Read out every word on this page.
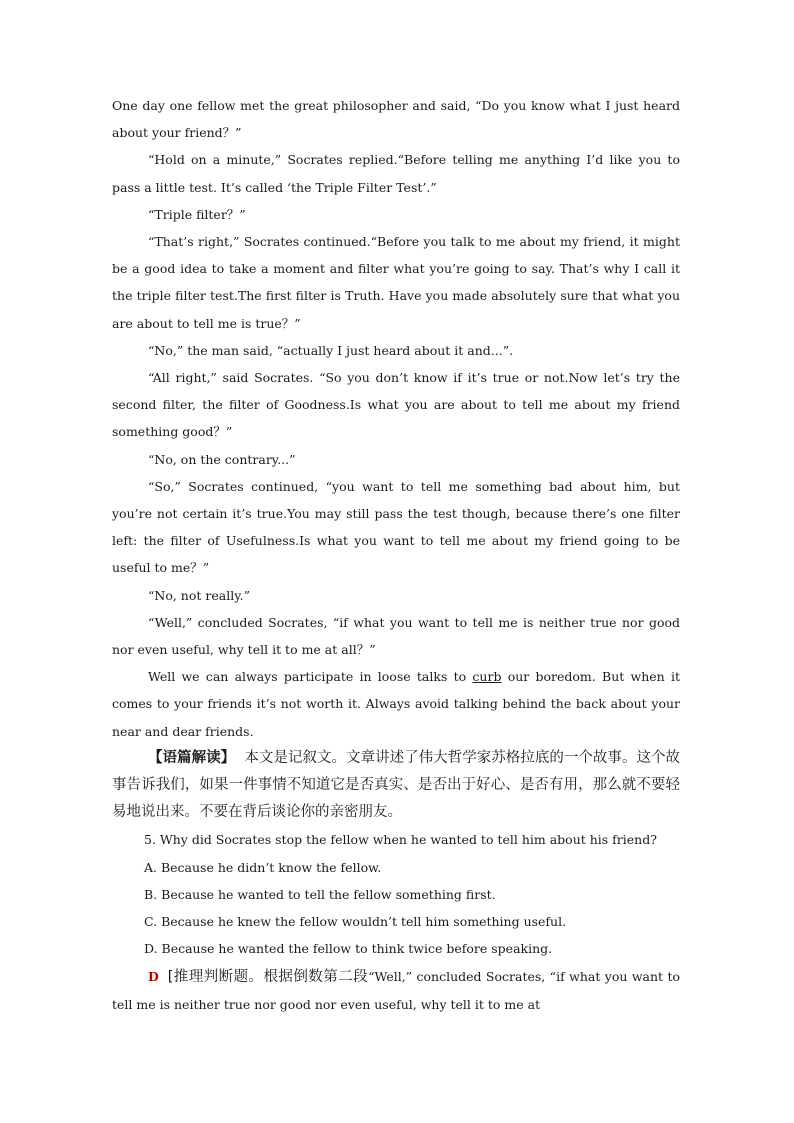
One day one fellow met the great philosopher and said, “Do you know what I just heard about your friend？”

“Hold on a minute,” Socrates replied.“Before telling me anything I’d like you to pass a little test. It’s called ‘the Triple Filter Test’.”

“Triple filter？”

“That’s right,” Socrates continued.“Before you talk to me about my friend, it might be a good idea to take a moment and filter what you’re going to say. That’s why I call it the triple filter test.The first filter is Truth. Have you made absolutely sure that what you are about to tell me is true？”

“No,” the man said, “actually I just heard about it and...”.

“All right,” said Socrates. “So you don’t know if it’s true or not.Now let’s try the second filter, the filter of Goodness.Is what you are about to tell me about my friend something good？”

“No, on the contrary...”

“So,” Socrates continued, “you want to tell me something bad about him, but you’re not certain it’s true.You may still pass the test though, because there’s one filter left: the filter of Usefulness.Is what you want to tell me about my friend going to be useful to me？”

“No, not really.”

“Well,” concluded Socrates, “if what you want to tell me is neither true nor good nor even useful, why tell it to me at all？”

Well we can always participate in loose talks to curb our boredom. But when it comes to your friends it’s not worth it. Always avoid talking behind the back about your near and dear friends.

【语篇解读】 本文是记叙文。文章讲述了伟大哲学家苏格拉底的一个故事。这个故事告诉我们，如果一件事情不知道它是否真实、是否出于好心、是否有用，那么就不要轻易地说出来。不要在背后谈论你的亲密朋友。

5. Why did Socrates stop the fellow when he wanted to tell him about his friend?

A. Because he didn’t know the fellow.

B. Because he wanted to tell the fellow something first.

C. Because he knew the fellow wouldn’t tell him something useful.

D. Because he wanted the fellow to think twice before speaking.

D [推理判断题。根据倒数第二段“Well,” concluded Socrates, “if what you want to tell me is neither true nor good nor even useful, why tell it to me at
